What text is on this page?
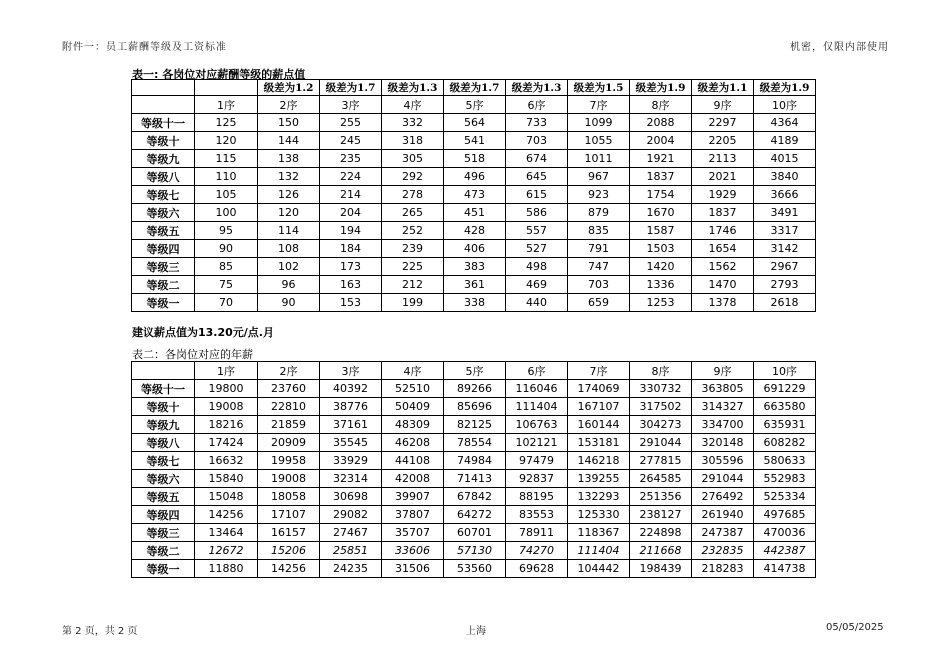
附件一：员工薪酬等级及工资标准	机密，仅限内部使用
表一: 各岗位对应薪酬等级的薪点值
		级差为1.2	级差为1.7	级差为1.3	级差为1.7	级差为1.3	级差为1.5	级差为1.9	级差为1.1	级差为1.9
	1序	2序	3序	4序	5序	6序	7序	8序	9序	10序
等级十一	125	150	255	332	564	733	1099	2088	2297	4364
等级十	120	144	245	318	541	703	1055	2004	2205	4189
等级九	115	138	235	305	518	674	1011	1921	2113	4015
等级八	110	132	224	292	496	645	967	1837	2021	3840
等级七	105	126	214	278	473	615	923	1754	1929	3666
等级六	100	120	204	265	451	586	879	1670	1837	3491
等级五	95	114	194	252	428	557	835	1587	1746	3317
等级四	90	108	184	239	406	527	791	1503	1654	3142
等级三	85	102	173	225	383	498	747	1420	1562	2967
等级二	75	96	163	212	361	469	703	1336	1470	2793
等级一	70	90	153	199	338	440	659	1253	1378	2618
建议薪点值为13.20元/点.月
表二：各岗位对应的年薪
	1序	2序	3序	4序	5序	6序	7序	8序	9序	10序
等级十一	19800	23760	40392	52510	89266	116046	174069	330732	363805	691229
等级十	19008	22810	38776	50409	85696	111404	167107	317502	314327	663580
等级九	18216	21859	37161	48309	82125	106763	160144	304273	334700	635931
等级八	17424	20909	35545	46208	78554	102121	153181	291044	320148	608282
等级七	16632	19958	33929	44108	74984	97479	146218	277815	305596	580633
等级六	15840	19008	32314	42008	71413	92837	139255	264585	291044	552983
等级五	15048	18058	30698	39907	67842	88195	132293	251356	276492	525334
等级四	14256	17107	29082	37807	64272	83553	125330	238127	261940	497685
等级三	13464	16157	27467	35707	60701	78911	118367	224898	247387	470036
等级二	12672	15206	25851	33606	57130	74270	111404	211668	232835	442387
等级一	11880	14256	24235	31506	53560	69628	104442	198439	218283	414738
第 2 页，共 2 页	上海	05/05/2025
